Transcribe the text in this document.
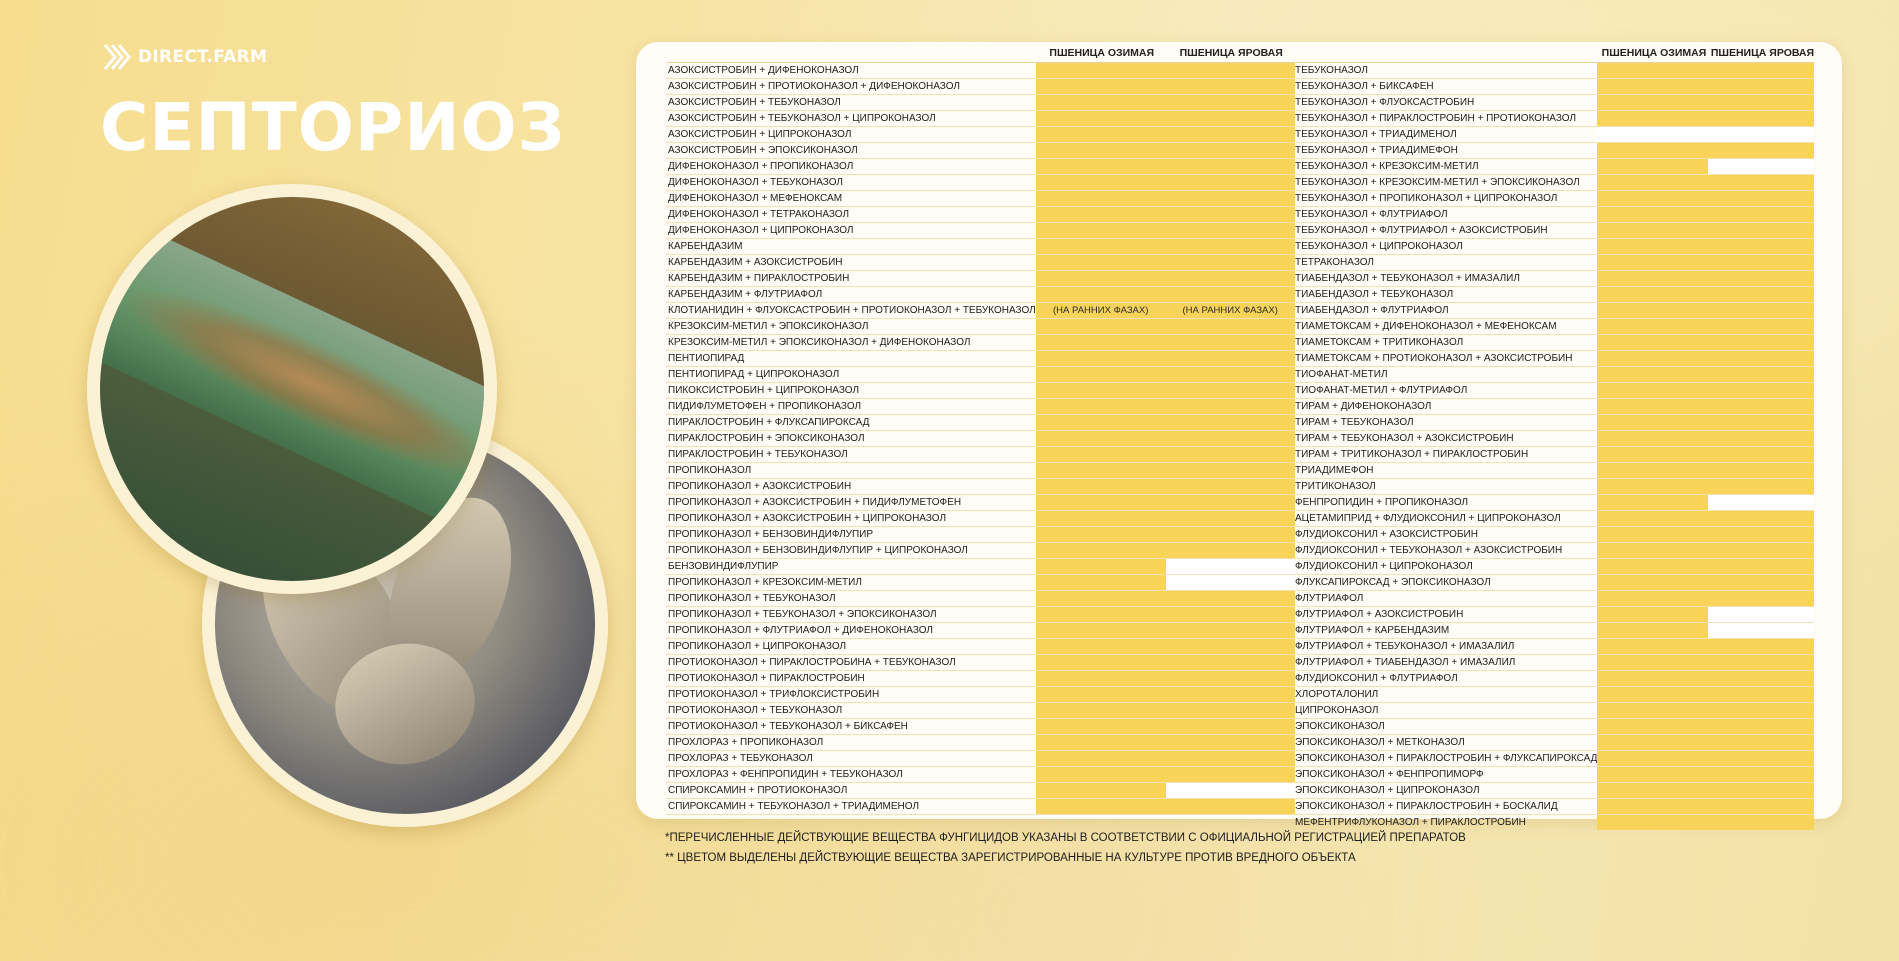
DIRECT.FARM
СЕПТОРИОЗ
	ПШЕНИЦА ОЗИМАЯ	ПШЕНИЦА ЯРОВАЯ
АЗОКСИСТРОБИН + ДИФЕНОКОНАЗОЛ		
АЗОКСИСТРОБИН + ПРОТИОКОНАЗОЛ + ДИФЕНОКОНАЗОЛ		
АЗОКСИСТРОБИН + ТЕБУКОНАЗОЛ		
АЗОКСИСТРОБИН + ТЕБУКОНАЗОЛ + ЦИПРОКОНАЗОЛ		
АЗОКСИСТРОБИН + ЦИПРОКОНАЗОЛ		
АЗОКСИСТРОБИН + ЭПОКСИКОНАЗОЛ		
ДИФЕНОКОНАЗОЛ + ПРОПИКОНАЗОЛ		
ДИФЕНОКОНАЗОЛ + ТЕБУКОНАЗОЛ		
ДИФЕНОКОНАЗОЛ + МЕФЕНОКСАМ		
ДИФЕНОКОНАЗОЛ + ТЕТРАКОНАЗОЛ		
ДИФЕНОКОНАЗОЛ + ЦИПРОКОНАЗОЛ		
КАРБЕНДАЗИМ		
КАРБЕНДАЗИМ + АЗОКСИСТРОБИН		
КАРБЕНДАЗИМ + ПИРАКЛОСТРОБИН		
КАРБЕНДАЗИМ + ФЛУТРИАФОЛ		
КЛОТИАНИДИН + ФЛУОКСАСТРОБИН + ПРОТИОКОНАЗОЛ + ТЕБУКОНАЗОЛ	(НА РАННИХ ФАЗАХ)	(НА РАННИХ ФАЗАХ)

КРЕЗОКСИМ-МЕТИЛ + ЭПОКСИКОНАЗОЛ		
КРЕЗОКСИМ-МЕТИЛ + ЭПОКСИКОНАЗОЛ + ДИФЕНОКОНАЗОЛ		
ПЕНТИОПИРАД		
ПЕНТИОПИРАД + ЦИПРОКОНАЗОЛ		
ПИКОКСИСТРОБИН + ЦИПРОКОНАЗОЛ		
ПИДИФЛУМЕТОФЕН + ПРОПИКОНАЗОЛ		
ПИРАКЛОСТРОБИН + ФЛУКСАПИРОКСАД		
ПИРАКЛОСТРОБИН + ЭПОКСИКОНАЗОЛ		
ПИРАКЛОСТРОБИН + ТЕБУКОНАЗОЛ		
ПРОПИКОНАЗОЛ		
ПРОПИКОНАЗОЛ + АЗОКСИСТРОБИН		
ПРОПИКОНАЗОЛ + АЗОКСИСТРОБИН + ПИДИФЛУМЕТОФЕН		
ПРОПИКОНАЗОЛ + АЗОКСИСТРОБИН + ЦИПРОКОНАЗОЛ		
ПРОПИКОНАЗОЛ + БЕНЗОВИНДИФЛУПИР		
ПРОПИКОНАЗОЛ + БЕНЗОВИНДИФЛУПИР + ЦИПРОКОНАЗОЛ		
БЕНЗОВИНДИФЛУПИР		
ПРОПИКОНАЗОЛ + КРЕЗОКСИМ-МЕТИЛ		
ПРОПИКОНАЗОЛ + ТЕБУКОНАЗОЛ		
ПРОПИКОНАЗОЛ + ТЕБУКОНАЗОЛ + ЭПОКСИКОНАЗОЛ		
ПРОПИКОНАЗОЛ + ФЛУТРИАФОЛ + ДИФЕНОКОНАЗОЛ		
ПРОПИКОНАЗОЛ + ЦИПРОКОНАЗОЛ		
ПРОТИОКОНАЗОЛ + ПИРАКЛОСТРОБИНА + ТЕБУКОНАЗОЛ		
ПРОТИОКОНАЗОЛ + ПИРАКЛОСТРОБИН		
ПРОТИОКОНАЗОЛ + ТРИФЛОКСИСТРОБИН		
ПРОТИОКОНАЗОЛ + ТЕБУКОНАЗОЛ		
ПРОТИОКОНАЗОЛ + ТЕБУКОНАЗОЛ + БИКСАФЕН		
ПРОХЛОРАЗ + ПРОПИКОНАЗОЛ		
ПРОХЛОРАЗ + ТЕБУКОНАЗОЛ		
ПРОХЛОРАЗ + ФЕНПРОПИДИН + ТЕБУКОНАЗОЛ		
СПИРОКСАМИН + ПРОТИОКОНАЗОЛ		
СПИРОКСАМИН + ТЕБУКОНАЗОЛ + ТРИАДИМЕНОЛ		
	ПШЕНИЦА ОЗИМАЯ	ПШЕНИЦА ЯРОВАЯ
ТЕБУКОНАЗОЛ		
ТЕБУКОНАЗОЛ + БИКСАФЕН		
ТЕБУКОНАЗОЛ + ФЛУОКСАСТРОБИН		
ТЕБУКОНАЗОЛ + ПИРАКЛОСТРОБИН + ПРОТИОКОНАЗОЛ		
ТЕБУКОНАЗОЛ + ТРИАДИМЕНОЛ		
ТЕБУКОНАЗОЛ + ТРИАДИМЕФОН		
ТЕБУКОНАЗОЛ + КРЕЗОКСИМ-МЕТИЛ		
ТЕБУКОНАЗОЛ + КРЕЗОКСИМ-МЕТИЛ + ЭПОКСИКОНАЗОЛ		
ТЕБУКОНАЗОЛ + ПРОПИКОНАЗОЛ + ЦИПРОКОНАЗОЛ		
ТЕБУКОНАЗОЛ + ФЛУТРИАФОЛ		
ТЕБУКОНАЗОЛ + ФЛУТРИАФОЛ + АЗОКСИСТРОБИН		
ТЕБУКОНАЗОЛ + ЦИПРОКОНАЗОЛ		
ТЕТРАКОНАЗОЛ		
ТИАБЕНДАЗОЛ + ТЕБУКОНАЗОЛ + ИМАЗАЛИЛ		
ТИАБЕНДАЗОЛ + ТЕБУКОНАЗОЛ		
ТИАБЕНДАЗОЛ + ФЛУТРИАФОЛ		
ТИАМЕТОКСАМ + ДИФЕНОКОНАЗОЛ + МЕФЕНОКСАМ		
ТИАМЕТОКСАМ + ТРИТИКОНАЗОЛ		
ТИАМЕТОКСАМ + ПРОТИОКОНАЗОЛ + АЗОКСИСТРОБИН		
ТИОФАНАТ-МЕТИЛ		
ТИОФАНАТ-МЕТИЛ + ФЛУТРИАФОЛ		
ТИРАМ + ДИФЕНОКОНАЗОЛ		
ТИРАМ + ТЕБУКОНАЗОЛ		
ТИРАМ + ТЕБУКОНАЗОЛ + АЗОКСИСТРОБИН		
ТИРАМ + ТРИТИКОНАЗОЛ + ПИРАКЛОСТРОБИН		
ТРИАДИМЕФОН		
ТРИТИКОНАЗОЛ		
ФЕНПРОПИДИН + ПРОПИКОНАЗОЛ		
АЦЕТАМИПРИД + ФЛУДИОКСОНИЛ + ЦИПРОКОНАЗОЛ		
ФЛУДИОКСОНИЛ + АЗОКСИСТРОБИН		
ФЛУДИОКСОНИЛ + ТЕБУКОНАЗОЛ + АЗОКСИСТРОБИН		
ФЛУДИОКСОНИЛ + ЦИПРОКОНАЗОЛ		
ФЛУКСАПИРОКСАД + ЭПОКСИКОНАЗОЛ		
ФЛУТРИАФОЛ		
ФЛУТРИАФОЛ + АЗОКСИСТРОБИН		
ФЛУТРИАФОЛ + КАРБЕНДАЗИМ		
ФЛУТРИАФОЛ + ТЕБУКОНАЗОЛ + ИМАЗАЛИЛ		
ФЛУТРИАФОЛ + ТИАБЕНДАЗОЛ + ИМАЗАЛИЛ		
ФЛУДИОКСОНИЛ + ФЛУТРИАФОЛ		
ХЛОРОТАЛОНИЛ		
ЦИПРОКОНАЗОЛ		
ЭПОКСИКОНАЗОЛ		
ЭПОКСИКОНАЗОЛ + МЕТКОНАЗОЛ		
ЭПОКСИКОНАЗОЛ + ПИРАКЛОСТРОБИН + ФЛУКСАПИРОКСАД		
ЭПОКСИКОНАЗОЛ + ФЕНПРОПИМОРФ		
ЭПОКСИКОНАЗОЛ + ЦИПРОКОНАЗОЛ		
ЭПОКСИКОНАЗОЛ + ПИРАКЛОСТРОБИН + БОСКАЛИД		
МЕФЕНТРИФЛУКОНАЗОЛ + ПИРАКЛОСТРОБИН		
*ПЕРЕЧИСЛЕННЫЕ ДЕЙСТВУЮЩИЕ ВЕЩЕСТВА ФУНГИЦИДОВ УКАЗАНЫ В СООТВЕТСТВИИ С ОФИЦИАЛЬНОЙ РЕГИСТРАЦИЕЙ ПРЕПАРАТОВ
** ЦВЕТОМ ВЫДЕЛЕНЫ ДЕЙСТВУЮЩИЕ ВЕЩЕСТВА ЗАРЕГИСТРИРОВАННЫЕ НА КУЛЬТУРЕ ПРОТИВ ВРЕДНОГО ОБЪЕКТА
